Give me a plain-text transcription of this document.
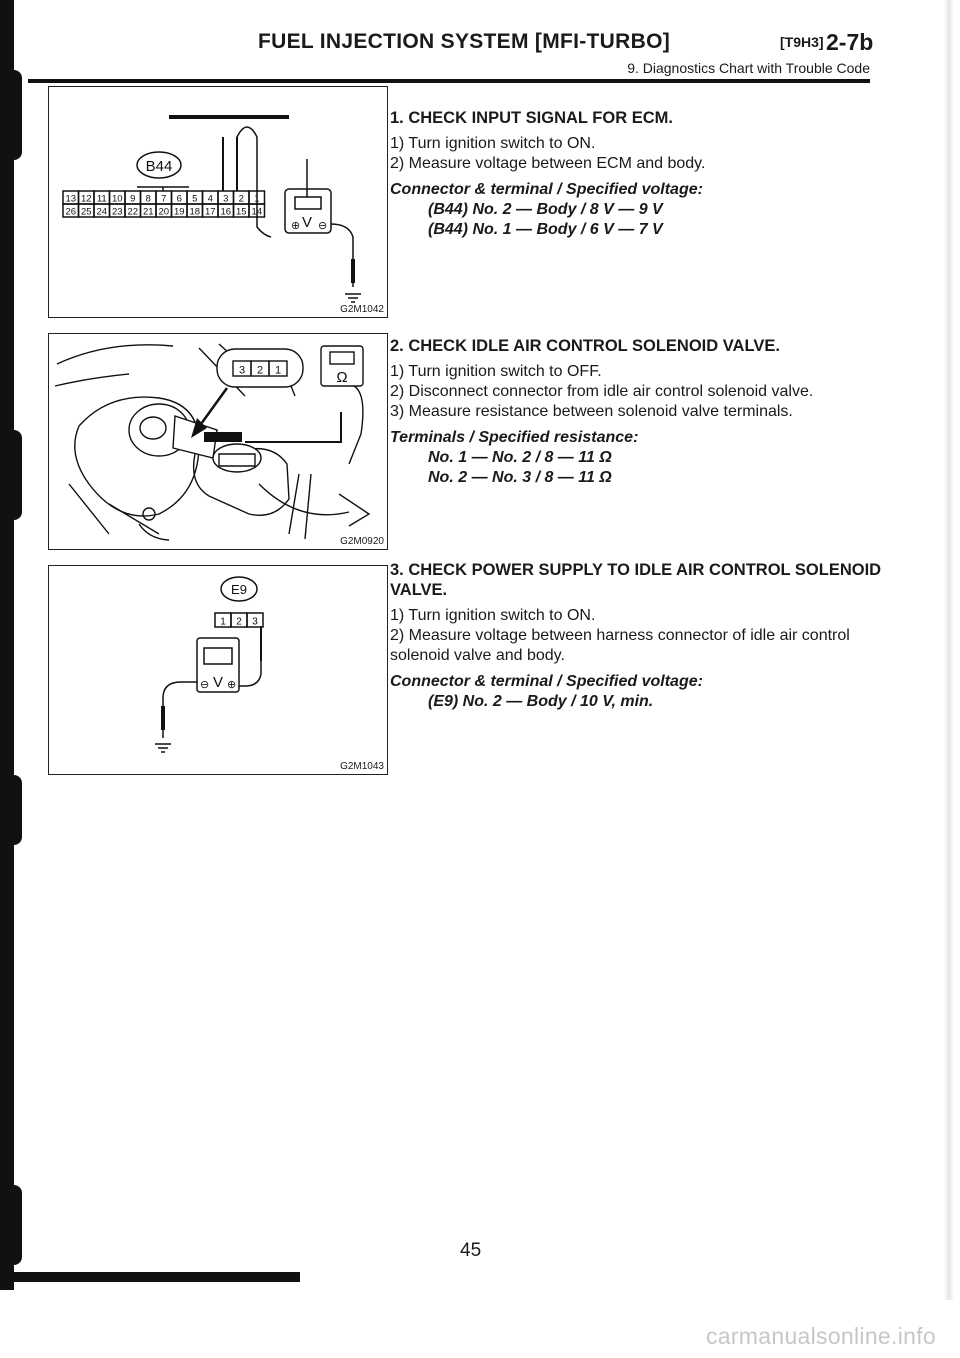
FUEL INJECTION SYSTEM [MFI-TURBO]	[T9H3] 2-7b
9. Diagnostics Chart with Trouble Code
B44
13 12 11 10 9 8 7 6 5 4 3 2 1
26 25 24 23 22 21 20 19 18 17 16 15 14
V
⊕ ⊖
G2M1042
3 2 1	Ω
G2M0920
E9
1 2 3
V
⊖ ⊕
G2M1043
1. CHECK INPUT SIGNAL FOR ECM.
1) Turn ignition switch to ON.
2) Measure voltage between ECM and body.
Connector & terminal / Specified voltage:
(B44) No. 2 — Body / 8 V — 9 V
(B44) No. 1 — Body / 6 V — 7 V
2. CHECK IDLE AIR CONTROL SOLENOID VALVE.
1) Turn ignition switch to OFF.
2) Disconnect connector from idle air control solenoid valve.
3) Measure resistance between solenoid valve terminals.
Terminals / Specified resistance:
No. 1 — No. 2 / 8 — 11 Ω
No. 2 — No. 3 / 8 — 11 Ω
3. CHECK POWER SUPPLY TO IDLE AIR CONTROL SOLENOID VALVE.
1) Turn ignition switch to ON.
2) Measure voltage between harness connector of idle air control solenoid valve and body.
Connector & terminal / Specified voltage:
(E9) No. 2 — Body / 10 V, min.
45
carmanualsonline.info
